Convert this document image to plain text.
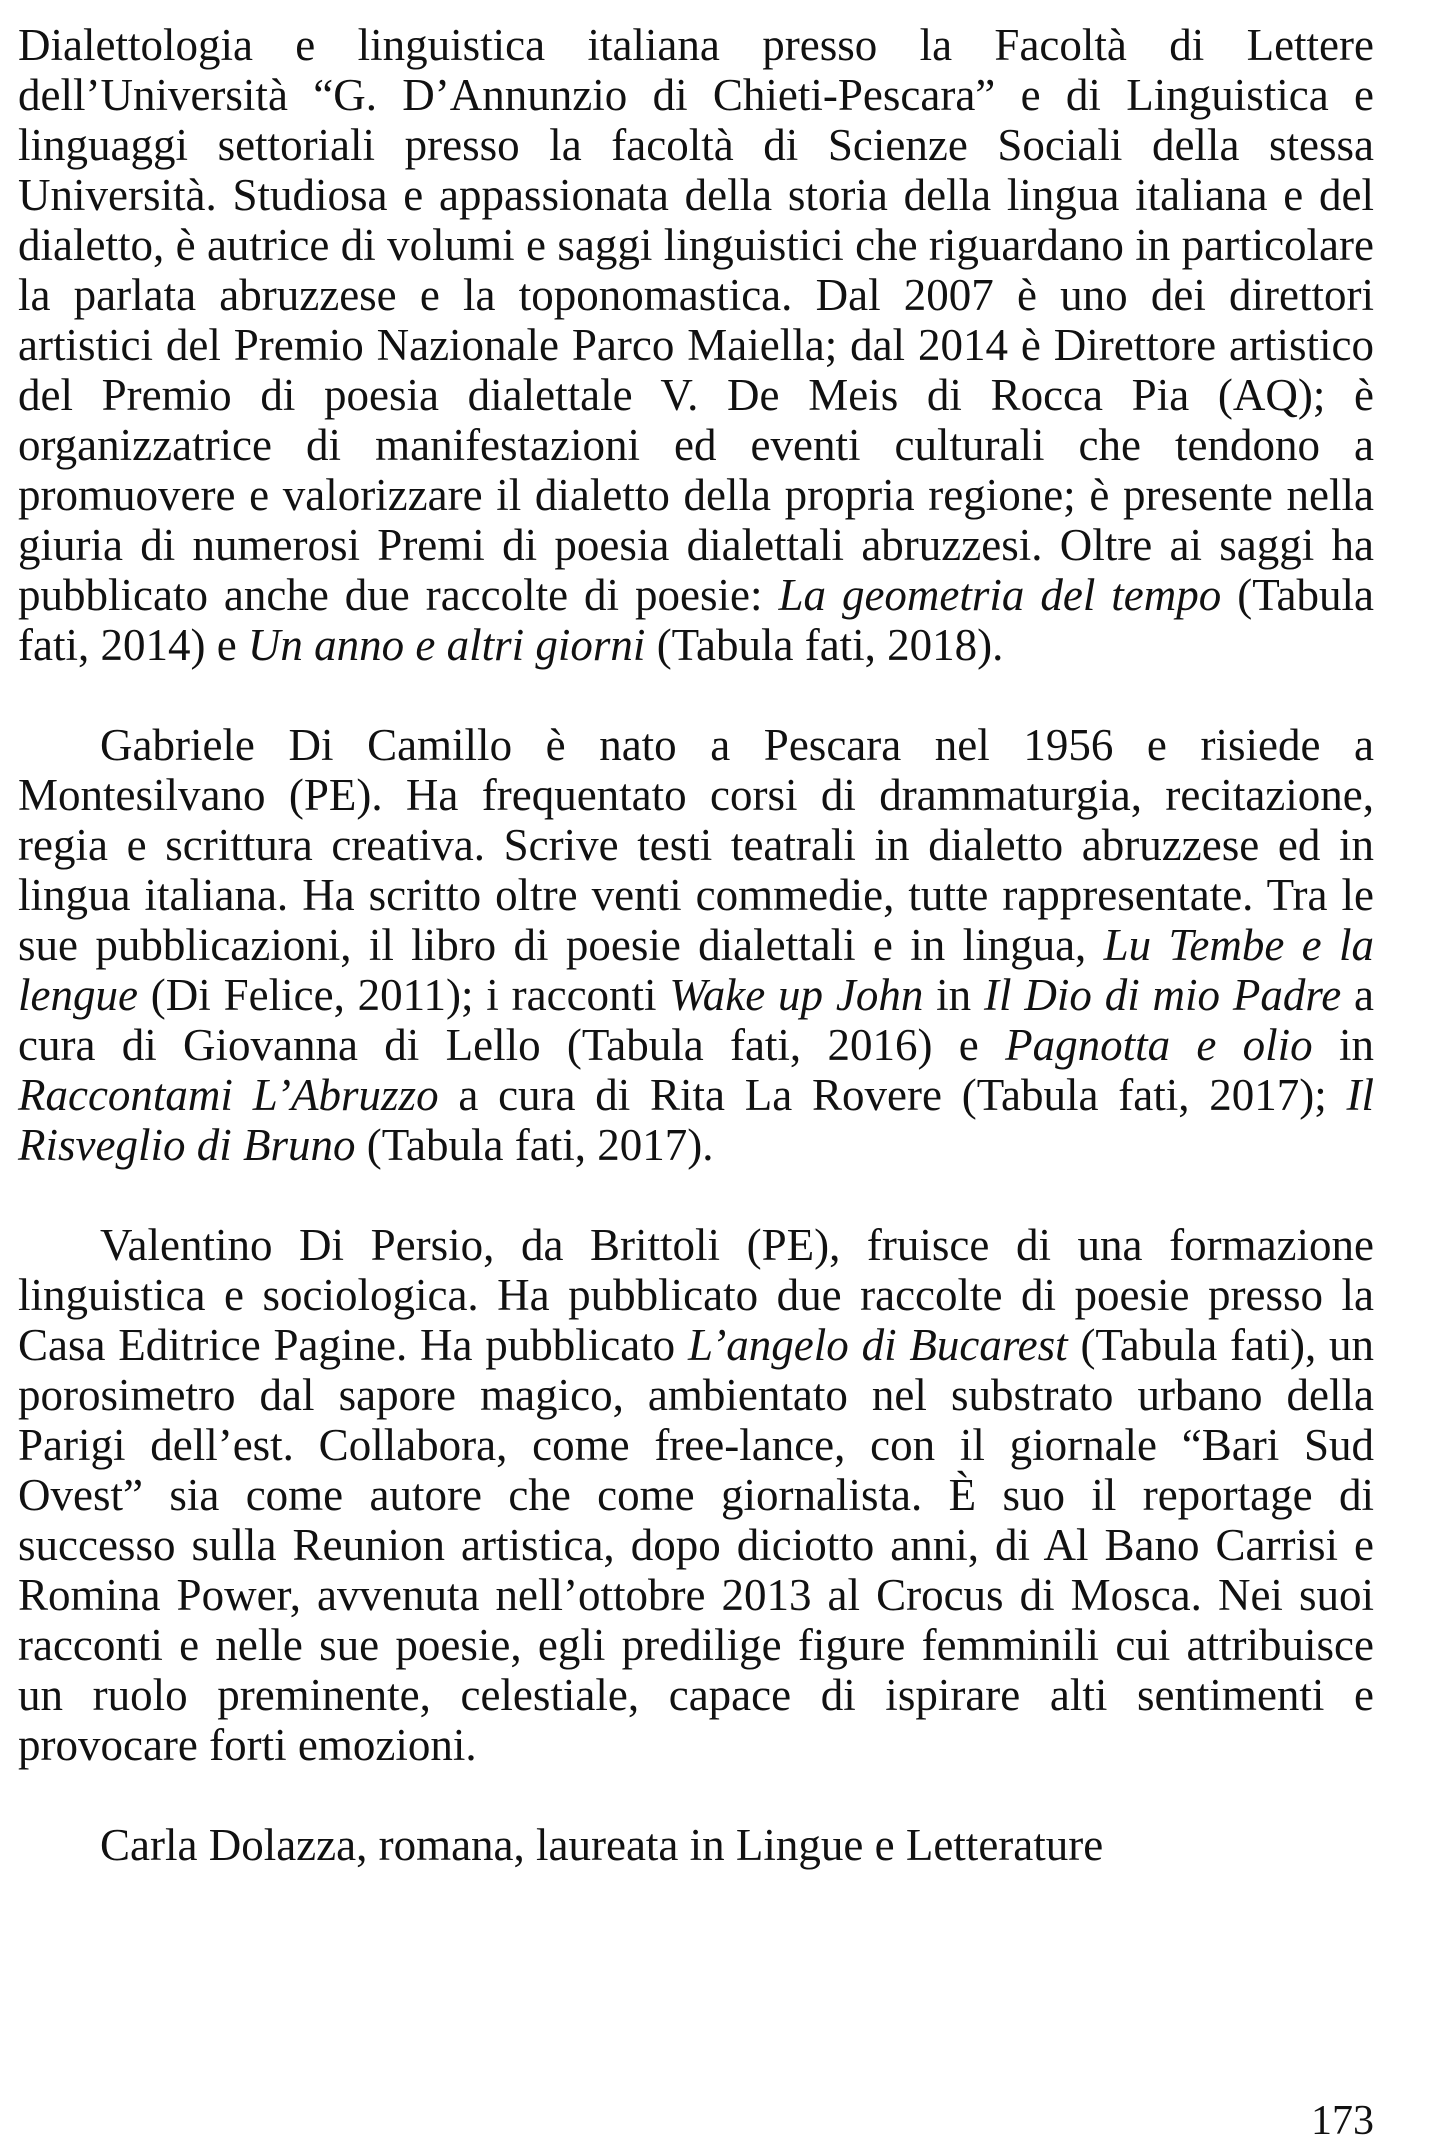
Dialettologia e linguistica italiana presso la Facoltà di Lettere dell’Università “G. D’Annunzio di Chieti-Pescara” e di Linguistica e linguaggi settoriali presso la facoltà di Scienze Sociali della stessa Università. Studiosa e appassionata della storia della lingua italiana e del dialetto, è autrice di volumi e saggi linguistici che riguardano in particolare la parlata abruzzese e la toponomastica. Dal 2007 è uno dei direttori artistici del Premio Nazionale Parco Maiella; dal 2014 è Direttore artistico del Premio di poesia dialettale V. De Meis di Rocca Pia (AQ); è organizzatrice di manifestazioni ed eventi culturali che tendono a promuovere e valorizzare il dialetto della propria regione; è presente nella giuria di numerosi Premi di poesia dialettali abruzzesi. Oltre ai saggi ha pubblicato anche due raccolte di poesie: La geometria del tempo (Tabula fati, 2014) e Un anno e altri giorni (Tabula fati, 2018).

Gabriele Di Camillo è nato a Pescara nel 1956 e risiede a Montesilvano (PE). Ha frequentato corsi di drammaturgia, recitazione, regia e scrittura creativa. Scrive testi teatrali in dialetto abruzzese ed in lingua italiana. Ha scritto oltre venti commedie, tutte rappresentate. Tra le sue pubblicazioni, il libro di poesie dialettali e in lingua, Lu Tembe e la lengue (Di Felice, 2011); i racconti Wake up John in Il Dio di mio Padre a cura di Giovanna di Lello (Tabula fati, 2016) e Pagnotta e olio in Raccontami L’Abruzzo a cura di Rita La Rovere (Tabula fati, 2017); Il Risveglio di Bruno (Tabula fati, 2017).

Valentino Di Persio, da Brittoli (PE), fruisce di una formazione linguistica e sociologica. Ha pubblicato due raccolte di poesie presso la Casa Editrice Pagine. Ha pubblicato L’angelo di Bucarest (Tabula fati), un porosimetro dal sapore magico, ambientato nel substrato urbano della Parigi dell’est. Collabora, come free-lance, con il giornale “Bari Sud Ovest” sia come autore che come giornalista. È suo il reportage di successo sulla Reunion artistica, dopo diciotto anni, di Al Bano Carrisi e Romina Power, avvenuta nell’ottobre 2013 al Crocus di Mosca. Nei suoi racconti e nelle sue poesie, egli predilige figure femminili cui attribuisce un ruolo preminente, celestiale, capace di ispirare alti sentimenti e provocare forti emozioni.

Carla Dolazza, romana, laureata in Lingue e Letterature

173
